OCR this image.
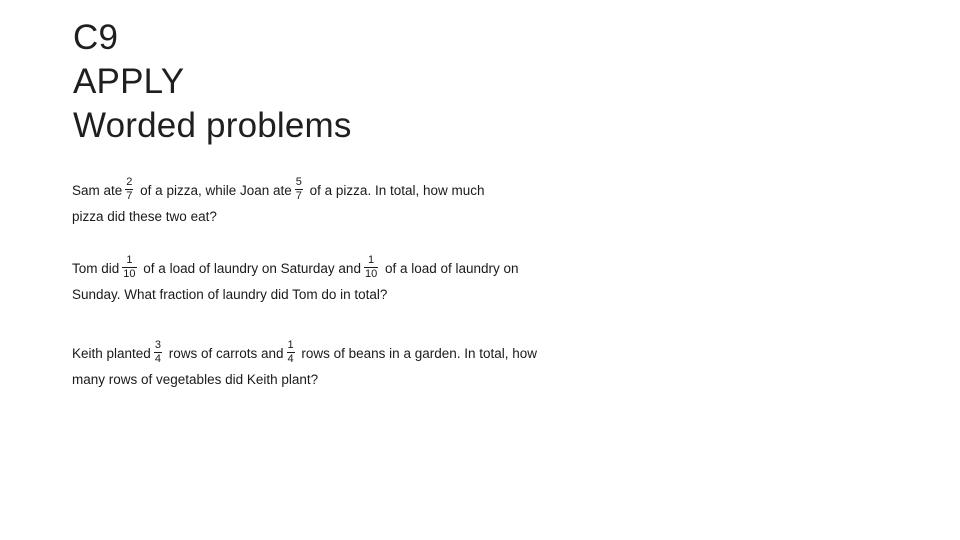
C9
APPLY
Worded problems
Sam ate $\frac{2}{7}$ of a pizza, while Joan ate $\frac{5}{7}$ of a pizza. In total, how much
pizza did these two eat?
Tom did $\frac{1}{10}$ of a load of laundry on Saturday and $\frac{1}{10}$ of a load of laundry on
Sunday. What fraction of laundry did Tom do in total?
Keith planted $\frac{3}{4}$ rows of carrots and $\frac{1}{4}$ rows of beans in a garden. In total, how
many rows of vegetables did Keith plant?
